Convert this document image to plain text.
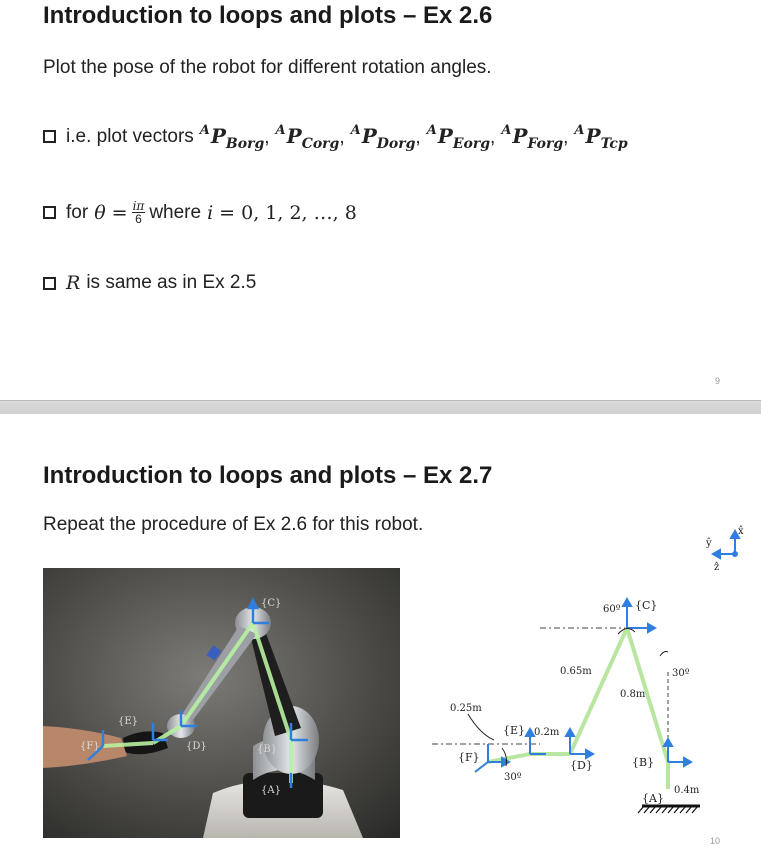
Introduction to loops and plots – Ex 2.6
Plot the pose of the robot for different rotation angles.
i.e. plot vectors $^AP_{Borg}$, $^AP_{Corg}$, $^AP_{Dorg}$, $^AP_{Eorg}$, $^AP_{Forg}$, $^AP_{Tcp}$
for $\theta = \frac{i\pi}{6}$ where i = 0, 1, 2, …, 8
R is same as in Ex 2.5
9
Introduction to loops and plots – Ex 2.7
Repeat the procedure of Ex 2.6 for this robot.
{C}
{E}
{F}	{D}	{B}
{A}
x̂
ŷ
ẑ
{C}
60º
30º
0.65m
0.8m
0.25m
{E} 0.2m
{F}
30º
{D}	{B}
0.4m
{A}
10
